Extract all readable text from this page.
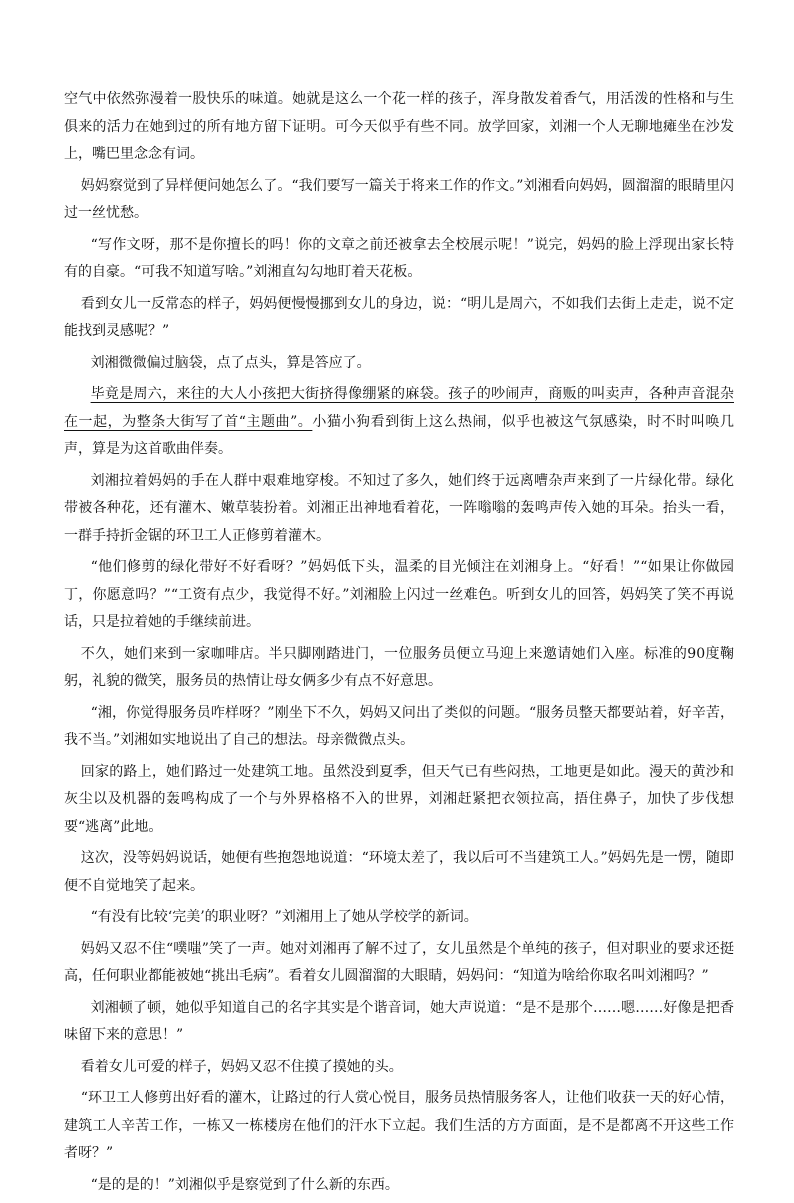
空气中依然弥漫着一股快乐的味道。她就是这么一个花一样的孩子，浑身散发着香气，用活泼的性格和与生俱来的活力在她到过的所有地方留下证明。可今天似乎有些不同。放学回家，刘湘一个人无聊地瘫坐在沙发上，嘴巴里念念有词。

妈妈察觉到了异样便问她怎么了。“我们要写一篇关于将来工作的作文。”刘湘看向妈妈，圆溜溜的眼睛里闪过一丝忧愁。

“写作文呀，那不是你擅长的吗！你的文章之前还被拿去全校展示呢！”说完，妈妈的脸上浮现出家长特有的自豪。“可我不知道写啥。”刘湘直勾勾地盯着天花板。

看到女儿一反常态的样子，妈妈便慢慢挪到女儿的身边，说：“明儿是周六，不如我们去街上走走，说不定能找到灵感呢？”

刘湘微微偏过脑袋，点了点头，算是答应了。

毕竟是周六，来往的大人小孩把大街挤得像绷紧的麻袋。孩子的吵闹声，商贩的叫卖声，各种声音混杂在一起，为整条大街写了首“主题曲”。小猫小狗看到街上这么热闹，似乎也被这气氛感染，时不时叫唤几声，算是为这首歌曲伴奏。

刘湘拉着妈妈的手在人群中艰难地穿梭。不知过了多久，她们终于远离嘈杂声来到了一片绿化带。绿化带被各种花，还有灌木、嫩草装扮着。刘湘正出神地看着花，一阵嗡嗡的轰鸣声传入她的耳朵。抬头一看，一群手持折金锯的环卫工人正修剪着灌木。

“他们修剪的绿化带好不好看呀？”妈妈低下头，温柔的目光倾注在刘湘身上。“好看！”“如果让你做园丁，你愿意吗？”“工资有点少，我觉得不好。”刘湘脸上闪过一丝难色。听到女儿的回答，妈妈笑了笑不再说话，只是拉着她的手继续前进。

不久，她们来到一家咖啡店。半只脚刚踏进门，一位服务员便立马迎上来邀请她们入座。标准的90度鞠躬，礼貌的微笑，服务员的热情让母女俩多少有点不好意思。

“湘，你觉得服务员咋样呀？”刚坐下不久，妈妈又问出了类似的问题。“服务员整天都要站着，好辛苦，我不当。”刘湘如实地说出了自己的想法。母亲微微点头。

回家的路上，她们路过一处建筑工地。虽然没到夏季，但天气已有些闷热，工地更是如此。漫天的黄沙和灰尘以及机器的轰鸣构成了一个与外界格格不入的世界，刘湘赶紧把衣领拉高，捂住鼻子，加快了步伐想要“逃离”此地。

这次，没等妈妈说话，她便有些抱怨地说道：“环境太差了，我以后可不当建筑工人。”妈妈先是一愣，随即便不自觉地笑了起来。

“有没有比较‘完美’的职业呀？”刘湘用上了她从学校学的新词。

妈妈又忍不住“噗嗤”笑了一声。她对刘湘再了解不过了，女儿虽然是个单纯的孩子，但对职业的要求还挺高，任何职业都能被她“挑出毛病”。看着女儿圆溜溜的大眼睛，妈妈问：“知道为啥给你取名叫刘湘吗？”

刘湘顿了顿，她似乎知道自己的名字其实是个谐音词，她大声说道：“是不是那个……嗯……好像是把香味留下来的意思！”

看着女儿可爱的样子，妈妈又忍不住摸了摸她的头。

“环卫工人修剪出好看的灌木，让路过的行人赏心悦目，服务员热情服务客人，让他们收获一天的好心情，建筑工人辛苦工作，一栋又一栋楼房在他们的汗水下立起。我们生活的方方面面，是不是都离不开这些工作者呀？”

“是的是的！”刘湘似乎是察觉到了什么新的东西。
